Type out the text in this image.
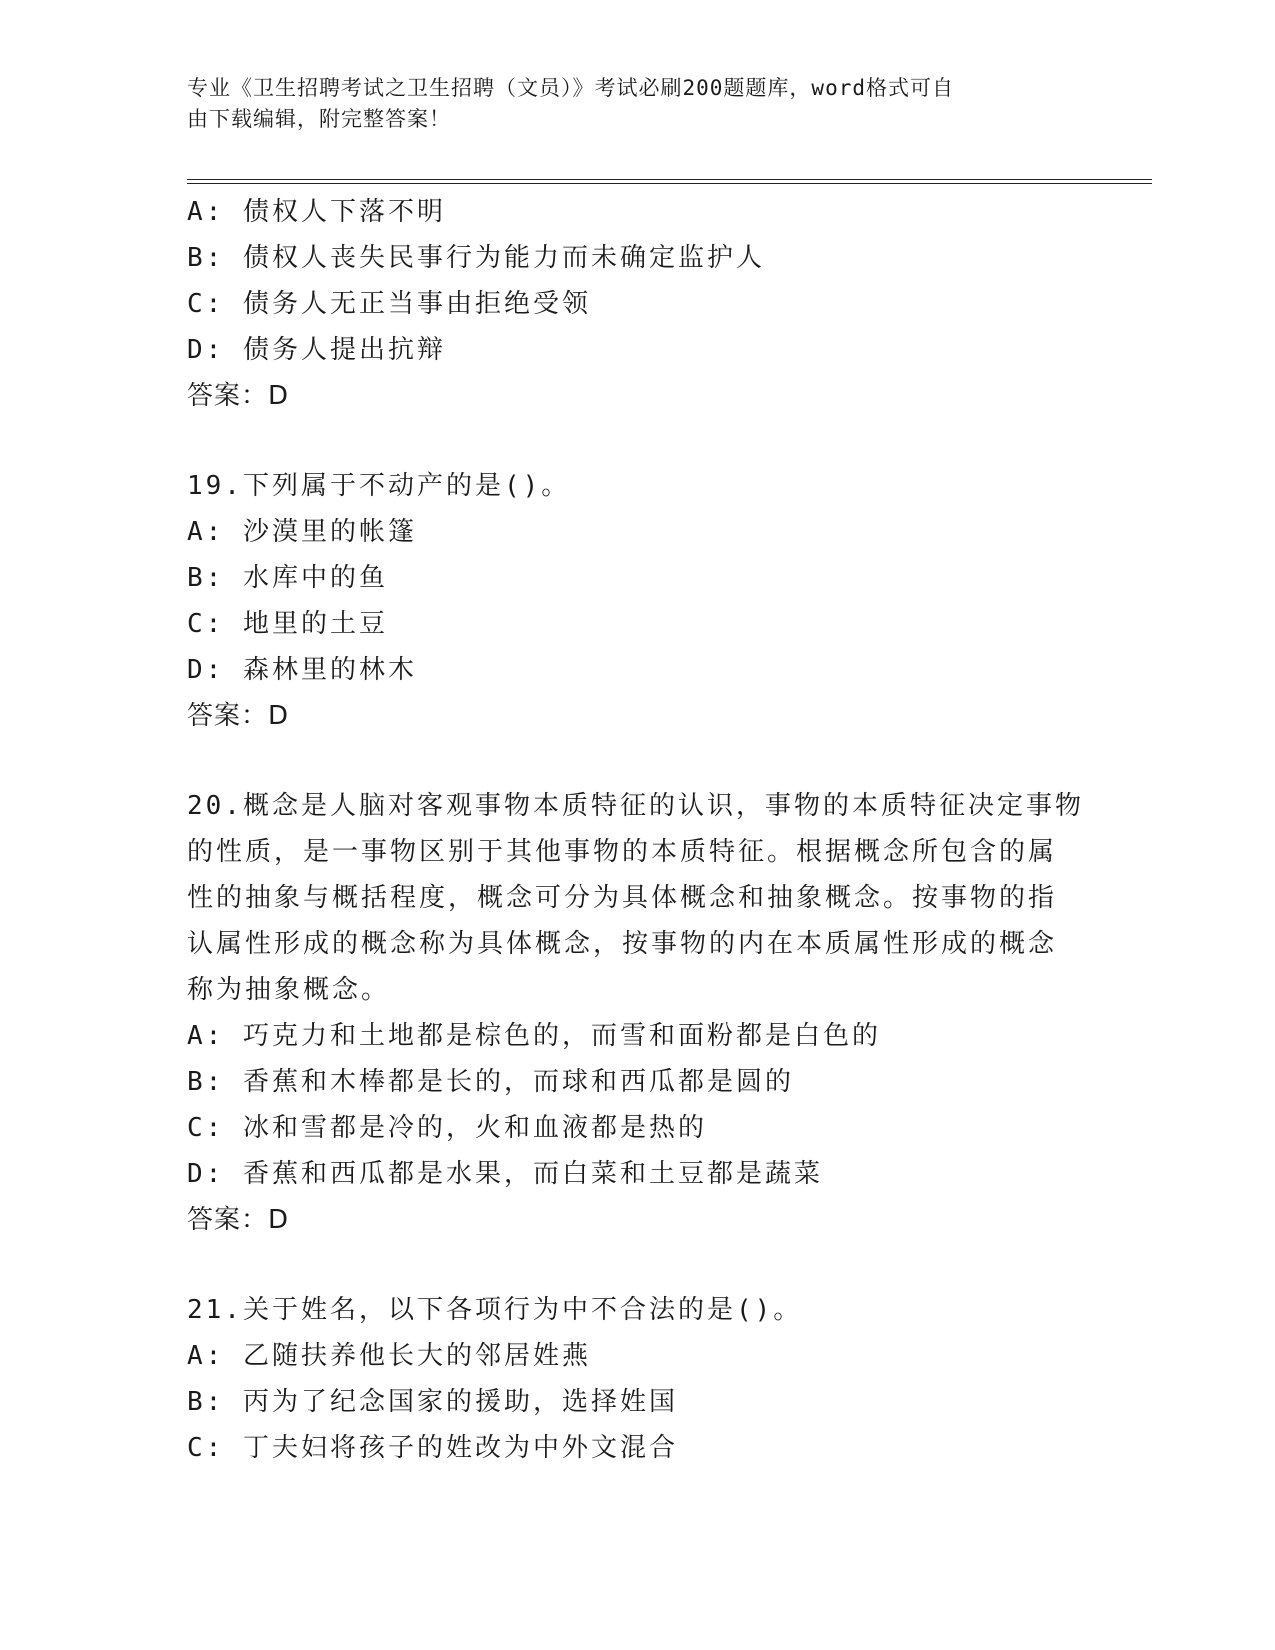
专业《卫生招聘考试之卫生招聘（文员）》考试必刷200题题库，word格式可自
由下载编辑，附完整答案！
A: 债权人下落不明
B: 债权人丧失民事行为能力而未确定监护人
C: 债务人无正当事由拒绝受领
D: 债务人提出抗辩
答案：D
19.下列属于不动产的是()。
A: 沙漠里的帐篷
B: 水库中的鱼
C: 地里的土豆
D: 森林里的林木
答案：D
20.概念是人脑对客观事物本质特征的认识，事物的本质特征决定事物
的性质，是一事物区别于其他事物的本质特征。根据概念所包含的属
性的抽象与概括程度，概念可分为具体概念和抽象概念。按事物的指
认属性形成的概念称为具体概念，按事物的内在本质属性形成的概念
称为抽象概念。
A: 巧克力和土地都是棕色的，而雪和面粉都是白色的
B: 香蕉和木棒都是长的，而球和西瓜都是圆的
C: 冰和雪都是冷的，火和血液都是热的
D: 香蕉和西瓜都是水果，而白菜和土豆都是蔬菜
答案：D
21.关于姓名，以下各项行为中不合法的是()。
A: 乙随扶养他长大的邻居姓燕
B: 丙为了纪念国家的援助，选择姓国
C: 丁夫妇将孩子的姓改为中外文混合
